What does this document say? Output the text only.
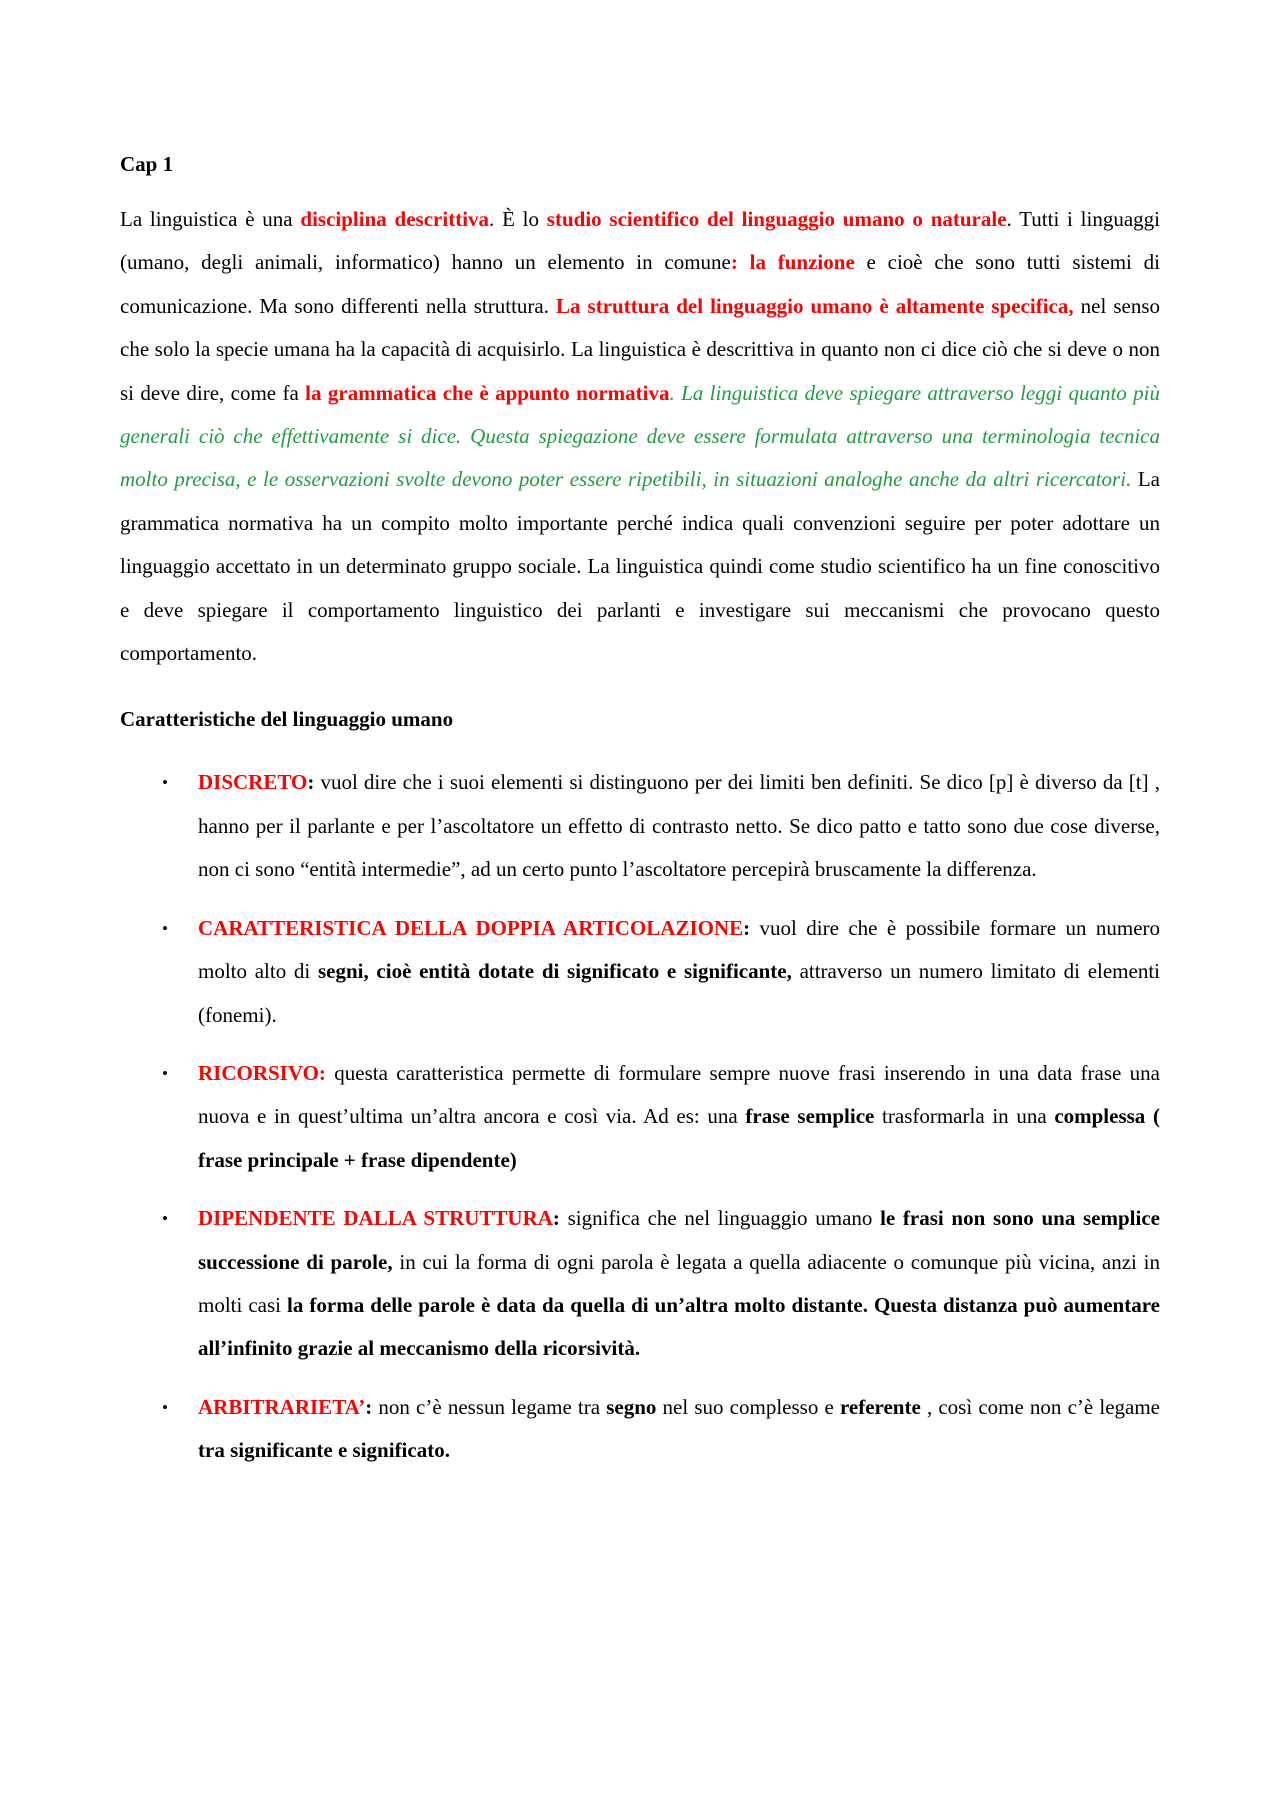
Cap 1

La linguistica è una disciplina descrittiva. È lo studio scientifico del linguaggio umano o naturale. Tutti i linguaggi (umano, degli animali, informatico) hanno un elemento in comune: la funzione e cioè che sono tutti sistemi di comunicazione. Ma sono differenti nella struttura. La struttura del linguaggio umano è altamente specifica, nel senso che solo la specie umana ha la capacità di acquisirlo. La linguistica è descrittiva in quanto non ci dice ciò che si deve o non si deve dire, come fa la grammatica che è appunto normativa. La linguistica deve spiegare attraverso leggi quanto più generali ciò che effettivamente si dice. Questa spiegazione deve essere formulata attraverso una terminologia tecnica molto precisa, e le osservazioni svolte devono poter essere ripetibili, in situazioni analoghe anche da altri ricercatori. La grammatica normativa ha un compito molto importante perché indica quali convenzioni seguire per poter adottare un linguaggio accettato in un determinato gruppo sociale. La linguistica quindi come studio scientifico ha un fine conoscitivo e deve spiegare il comportamento linguistico dei parlanti e investigare sui meccanismi che provocano questo comportamento.

Caratteristiche del linguaggio umano

• DISCRETO: vuol dire che i suoi elementi si distinguono per dei limiti ben definiti. Se dico [p] è diverso da [t] , hanno per il parlante e per l’ascoltatore un effetto di contrasto netto. Se dico patto e tatto sono due cose diverse, non ci sono “entità intermedie”, ad un certo punto l’ascoltatore percepirà bruscamente la differenza.

• CARATTERISTICA DELLA DOPPIA ARTICOLAZIONE: vuol dire che è possibile formare un numero molto alto di segni, cioè entità dotate di significato e significante, attraverso un numero limitato di elementi (fonemi).

• RICORSIVO: questa caratteristica permette di formulare sempre nuove frasi inserendo in una data frase una nuova e in quest’ultima un’altra ancora e così via. Ad es: una frase semplice trasformarla in una complessa ( frase principale + frase dipendente)

• DIPENDENTE DALLA STRUTTURA: significa che nel linguaggio umano le frasi non sono una semplice successione di parole, in cui la forma di ogni parola è legata a quella adiacente o comunque più vicina, anzi in molti casi la forma delle parole è data da quella di un’altra molto distante. Questa distanza può aumentare all’infinito grazie al meccanismo della ricorsività.

• ARBITRARIETA’: non c’è nessun legame tra segno nel suo complesso e referente , così come non c’è legame tra significante e significato.
